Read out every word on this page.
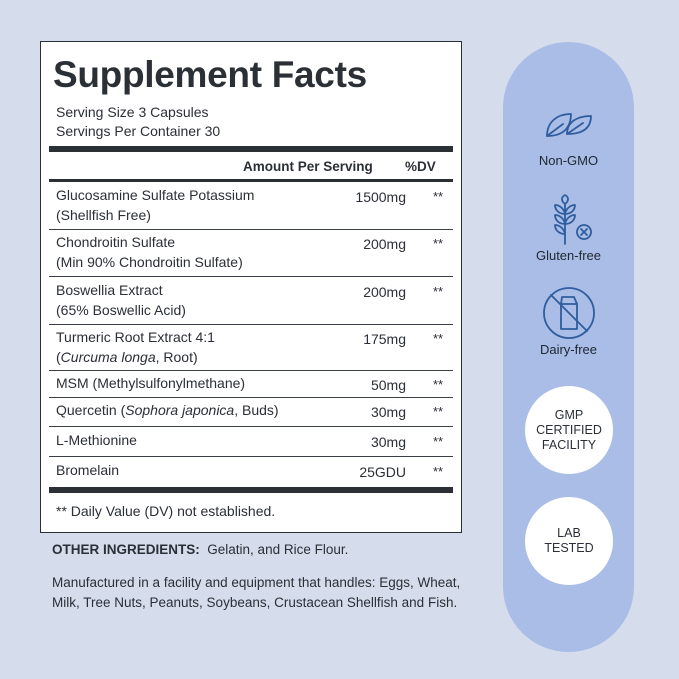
Supplement Facts
Serving Size 3 Capsules
Servings Per Container 30
Amount Per Serving %DV
Glucosamine Sulfate Potassium
(Shellfish Free)
1500mg	**
Chondroitin Sulfate
(Min 90% Chondroitin Sulfate)
200mg	**
Boswellia Extract
(65% Boswellic Acid)
200mg	**
Turmeric Root Extract 4:1
(Curcuma longa, Root)
175mg	**
MSM (Methylsulfonylmethane)	50mg	**
Quercetin (Sophora japonica, Buds)	30mg	**
L-Methionine	30mg	**
Bromelain	25GDU	**
** Daily Value (DV) not established.
OTHER INGREDIENTS: Gelatin, and Rice Flour.
Manufactured in a facility and equipment that handles: Eggs, Wheat, Milk, Tree Nuts, Peanuts, Soybeans, Crustacean Shellfish and Fish.
Non-GMO
Gluten-free
Dairy-free
GMP CERTIFIED FACILITY
LAB TESTED
